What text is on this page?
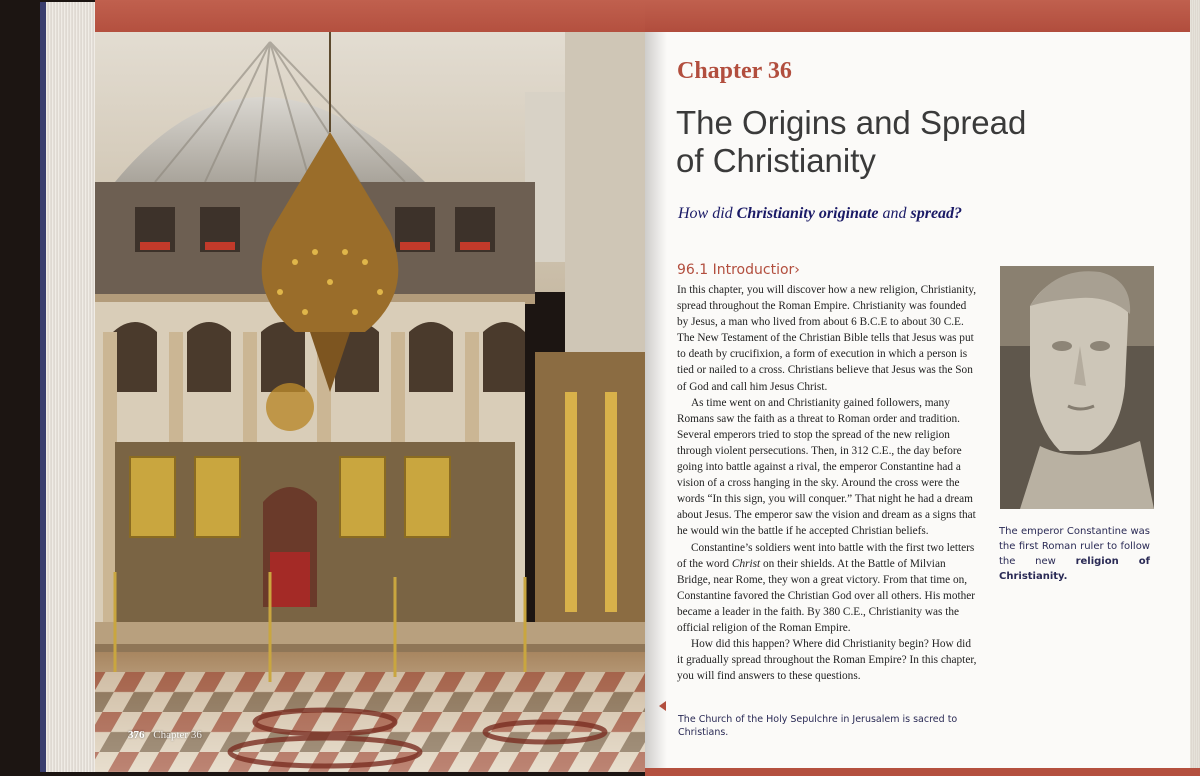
376 Chapter 36
Chapter 36
The Origins and Spread
of Christianity
How did Christianity originate and spread?
96.1 Introductior›

In this chapter, you will discover how a new religion, Christianity, spread throughout the Roman Empire. Christianity was founded by Jesus, a man who lived from about 6 B.C.E to about 30 C.E. The New Testament of the Christian Bible tells that Jesus was put to death by crucifixion, a form of execution in which a person is tied or nailed to a cross. Christians believe that Jesus was the Son of God and call him Jesus Christ.

As time went on and Christianity gained followers, many Romans saw the faith as a threat to Roman order and tradition. Several emperors tried to stop the spread of the new religion through violent persecutions. Then, in 312 C.E., the day before going into battle against a rival, the emperor Constantine had a vision of a cross hanging in the sky. Around the cross were the words “In this sign, you will conquer.” That night he had a dream about Jesus. The emperor saw the vision and dream as a signs that he would win the battle if he accepted Christian beliefs.

Constantine’s soldiers went into battle with the first two letters of the word Christ on their shields. At the Battle of Milvian Bridge, near Rome, they won a great victory. From that time on, Constantine favored the Christian God over all others. His mother became a leader in the faith. By 380 C.E., Christianity was the official religion of the Roman Empire.

How did this happen? Where did Christianity begin? How did it gradually spread throughout the Roman Empire? In this chapter, you will find answers to these questions.

The emperor Constantine was the first Roman ruler to follow the new religion of Christianity.
The Church of the Holy Sepulchre in Jerusalem is sacred to Christians.
